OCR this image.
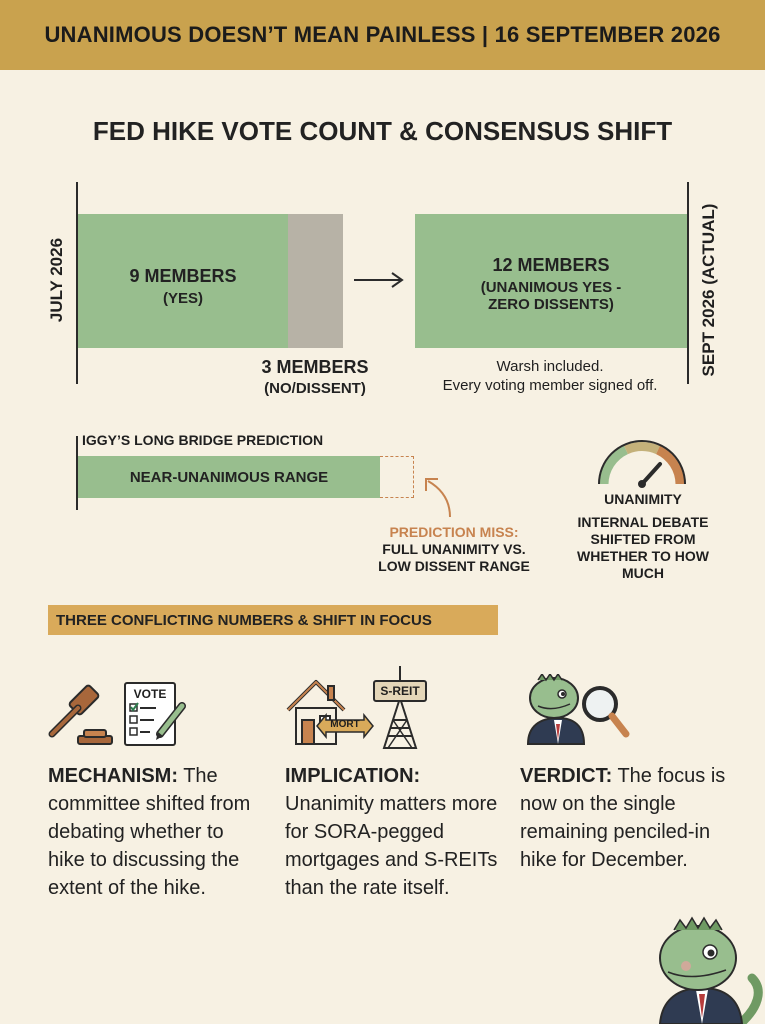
UNANIMOUS DOESN’T MEAN PAINLESS | 16 SEPTEMBER 2026
FED HIKE VOTE COUNT & CONSENSUS SHIFT
JULY 2026	SEPT 2026 (ACTUAL)
9 MEMBERS
(YES)
3 MEMBERS
(NO/DISSENT)
12 MEMBERS
(UNANIMOUS YES -
ZERO DISSENTS)
Warsh included.
Every voting member signed off.
IGGY’S LONG BRIDGE PREDICTION
NEAR-UNANIMOUS RANGE
PREDICTION MISS:
FULL UNANIMITY VS.
LOW DISSENT RANGE
UNANIMITY
INTERNAL DEBATE
SHIFTED FROM
WHETHER TO HOW
MUCH
THREE CONFLICTING NUMBERS & SHIFT IN FOCUS
VOTE
MORT
S-REIT
MECHANISM: The committee shifted from debating whether to hike to discussing the extent of the hike.
IMPLICATION: Unanimity matters more for SORA-pegged mortgages and S-REITs than the rate itself.
VERDICT: The focus is now on the single remaining penciled-in hike for December.
